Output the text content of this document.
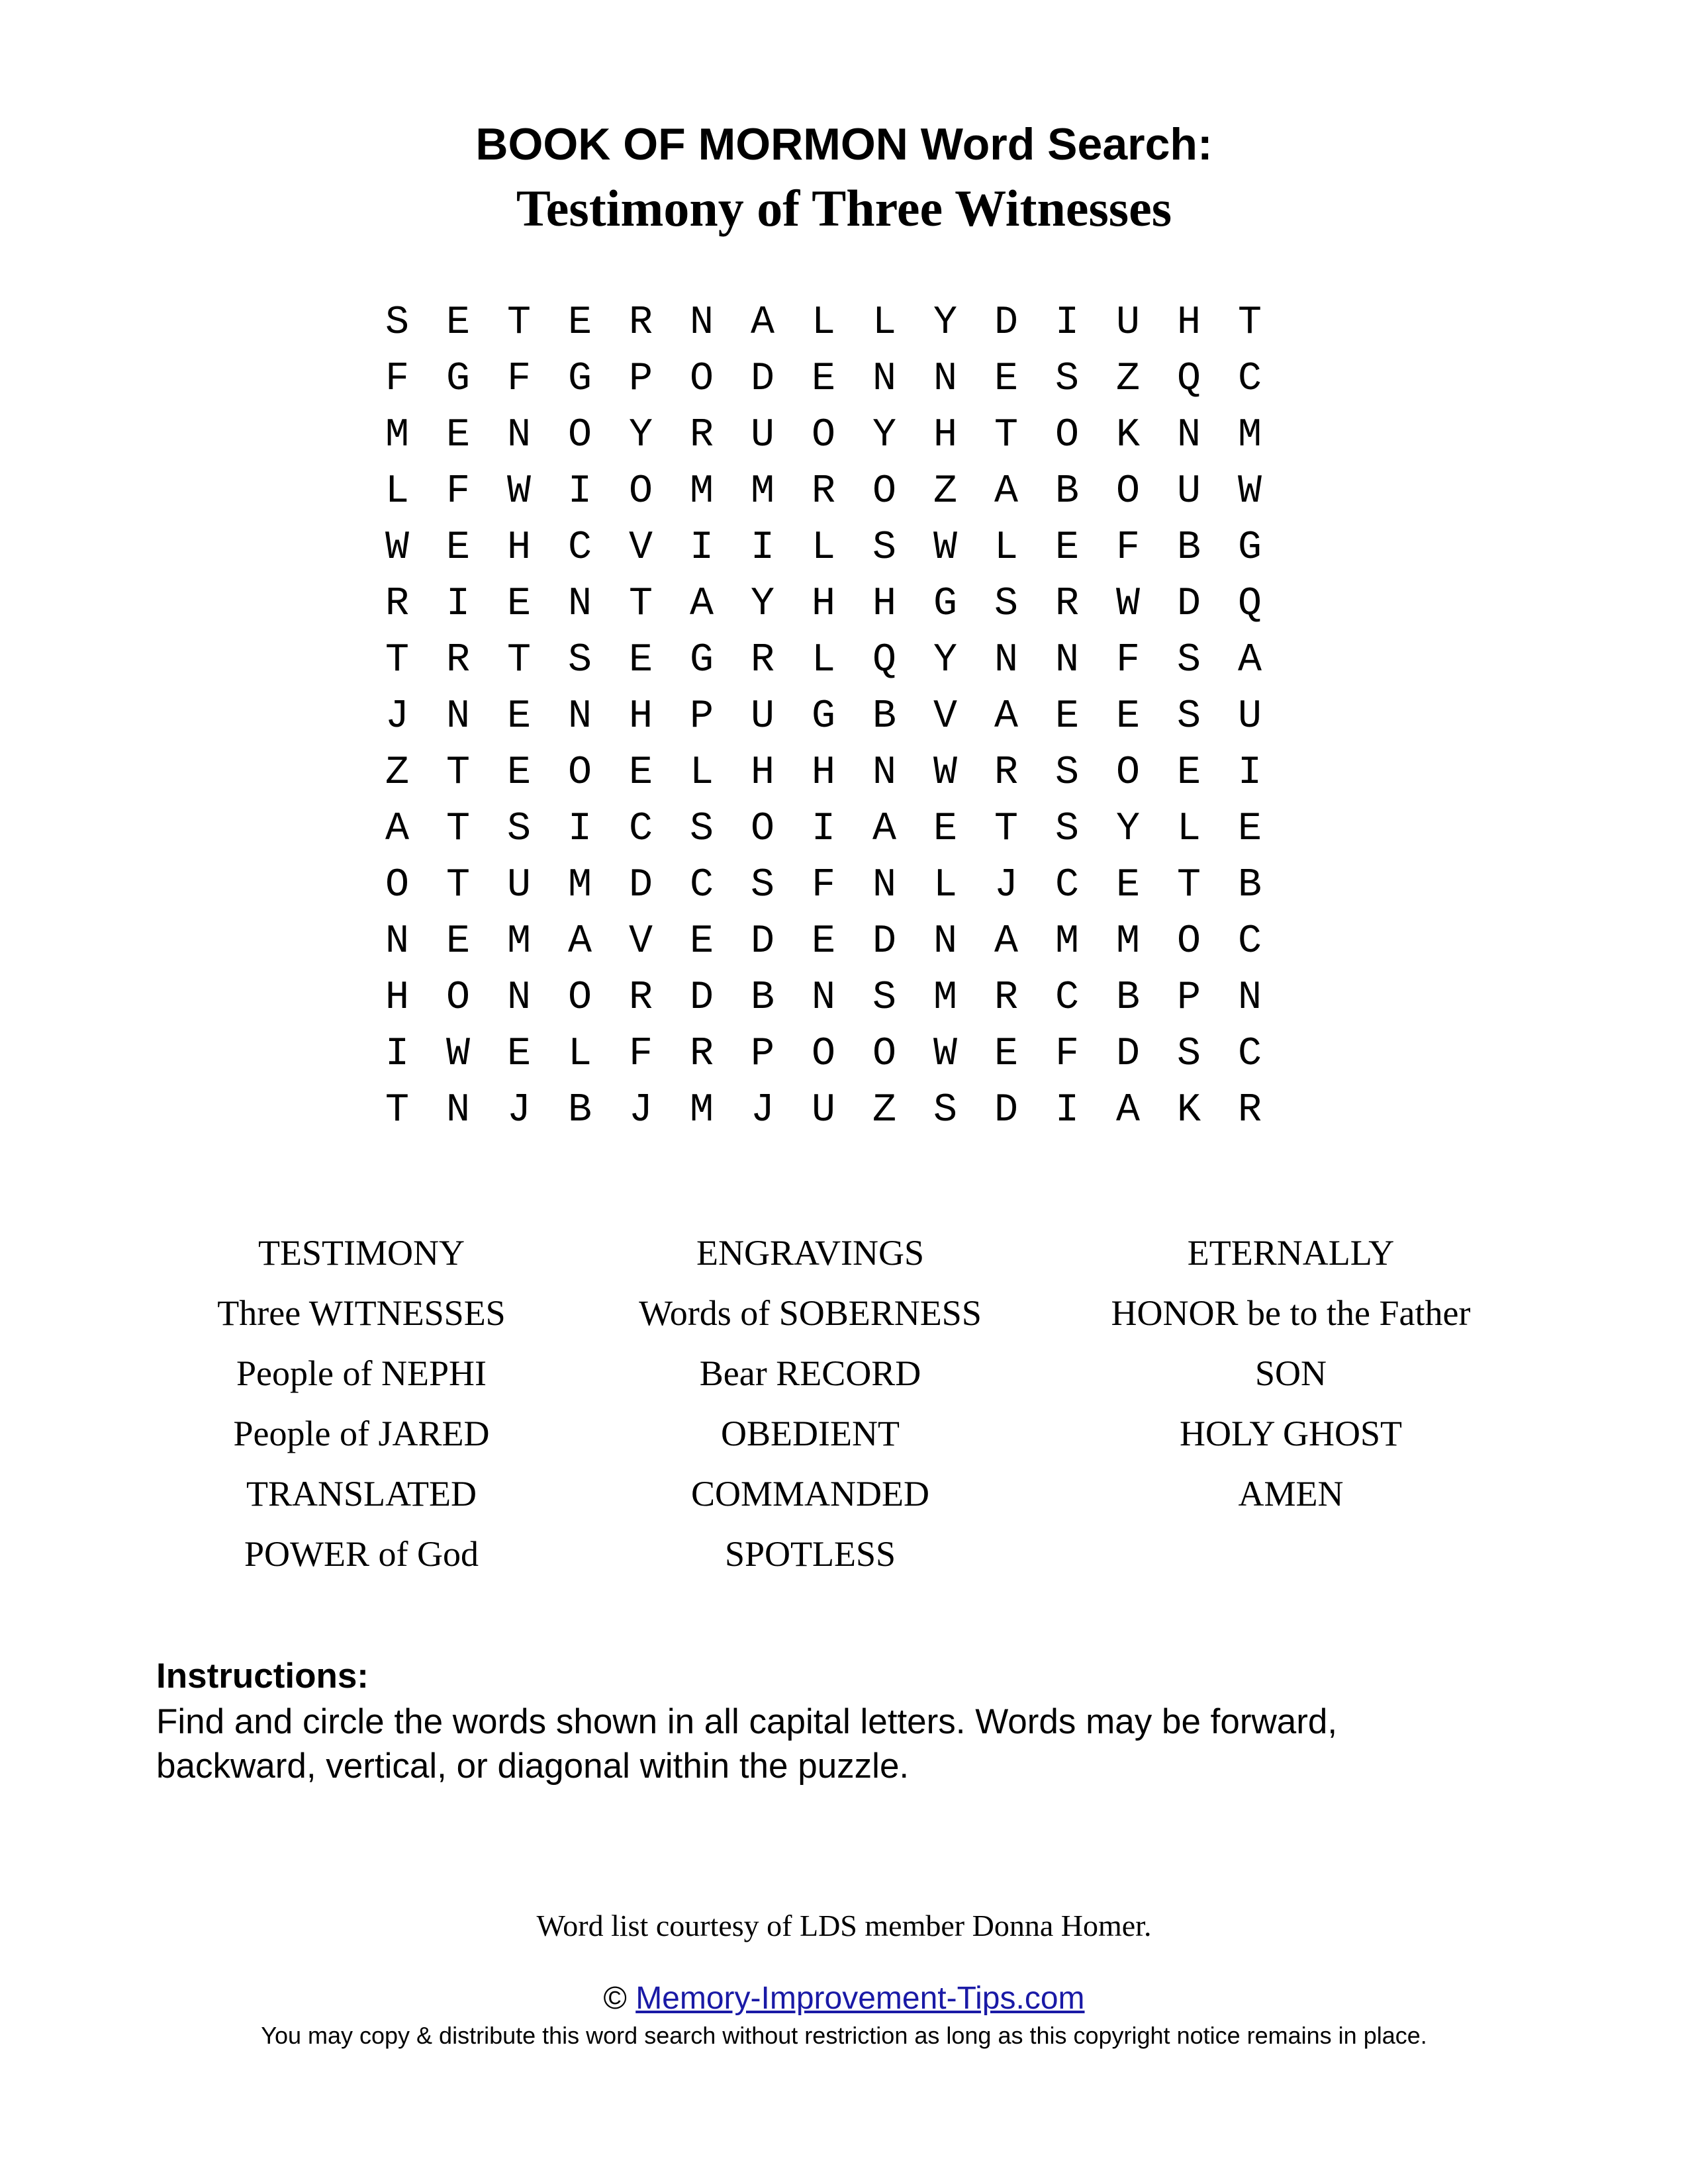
BOOK OF MORMON Word Search:
Testimony of Three Witnesses
S E T E R N A L L Y D I U H T
F G F G P O D E N N E S Z Q C
M E N O Y R U O Y H T O K N M
L F W I O M M R O Z A B O U W
W E H C V I I L S W L E F B G
R I E N T A Y H H G S R W D Q
T R T S E G R L Q Y N N F S A
J N E N H P U G B V A E E S U
Z T E O E L H H N W R S O E I
A T S I C S O I A E T S Y L E
O T U M D C S F N L J C E T B
N E M A V E D E D N A M M O C
H O N O R D B N S M R C B P N
I W E L F R P O O W E F D S C
T N J B J M J U Z S D I A K R
TESTIMONY
Three WITNESSES
People of NEPHI
People of JARED
TRANSLATED
POWER of God
ENGRAVINGS
Words of SOBERNESS
Bear RECORD
OBEDIENT
COMMANDED
SPOTLESS
ETERNALLY
HONOR be to the Father
SON
HOLY GHOST
AMEN
Instructions:
Find and circle the words shown in all capital letters. Words may be forward,
backward, vertical, or diagonal within the puzzle.
Word list courtesy of LDS member Donna Homer.
© Memory-Improvement-Tips.com
You may copy & distribute this word search without restriction as long as this copyright notice remains in place.
